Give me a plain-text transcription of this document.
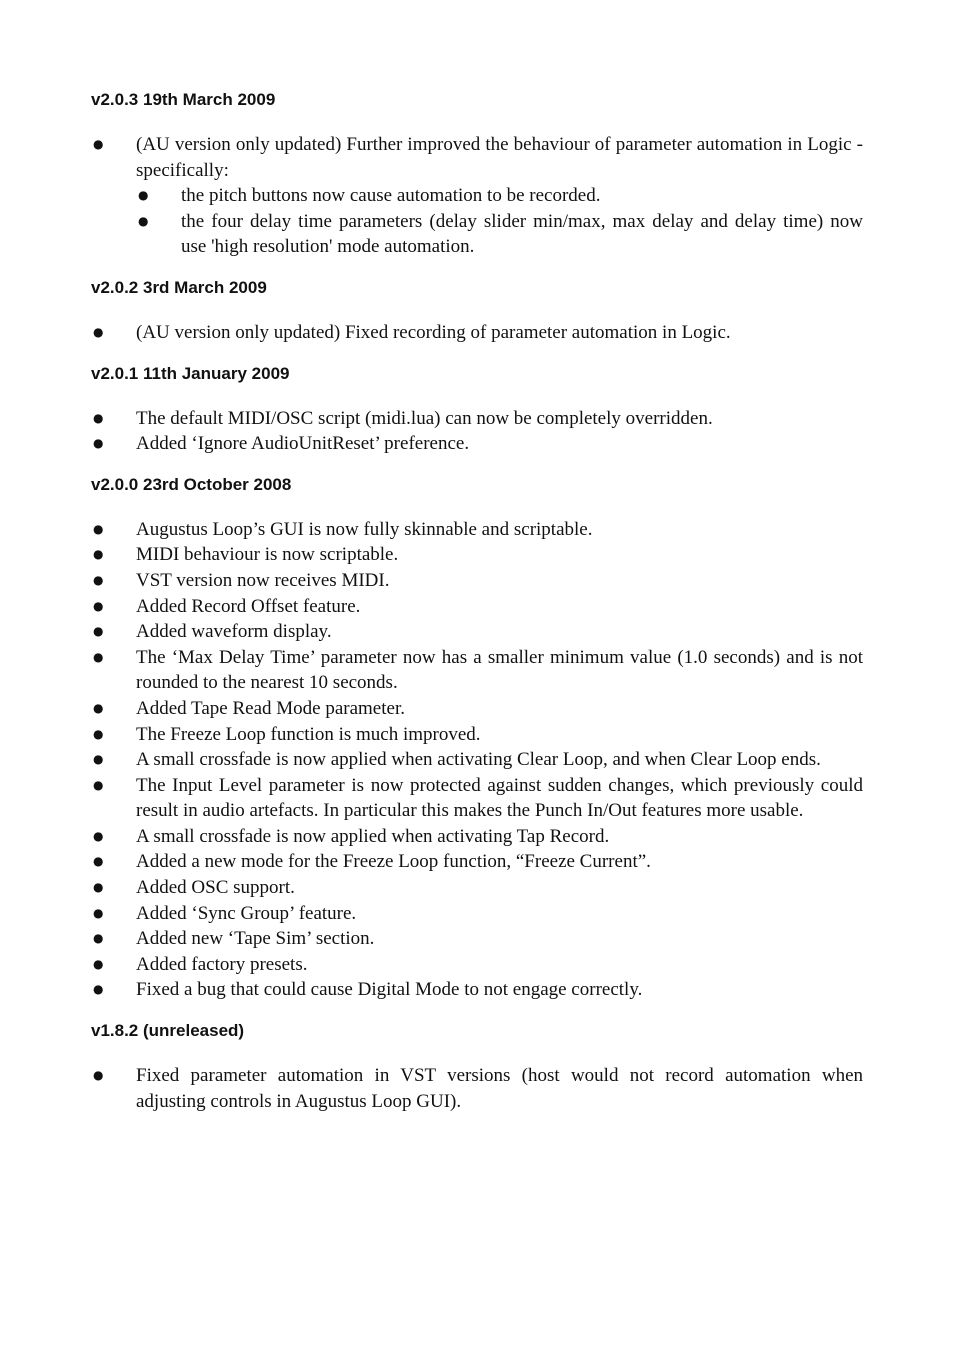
v2.0.3 19th March 2009
● (AU version only updated) Further improved the behaviour of parameter automation in Logic - specifically:
● the pitch buttons now cause automation to be recorded.
● the four delay time parameters (delay slider min/max, max delay and delay time) now use 'high resolution' mode automation.
v2.0.2 3rd March 2009
● (AU version only updated) Fixed recording of parameter automation in Logic.
v2.0.1 11th January 2009
● The default MIDI/OSC script (midi.lua) can now be completely overridden.
● Added ‘Ignore AudioUnitReset’ preference.
v2.0.0 23rd October 2008
● Augustus Loop’s GUI is now fully skinnable and scriptable.
● MIDI behaviour is now scriptable.
● VST version now receives MIDI.
● Added Record Offset feature.
● Added waveform display.
● The ‘Max Delay Time’ parameter now has a smaller minimum value (1.0 seconds) and is not rounded to the nearest 10 seconds.
● Added Tape Read Mode parameter.
● The Freeze Loop function is much improved.
● A small crossfade is now applied when activating Clear Loop, and when Clear Loop ends.
● The Input Level parameter is now protected against sudden changes, which previously could result in audio artefacts. In particular this makes the Punch In/Out features more usable.
● A small crossfade is now applied when activating Tap Record.
● Added a new mode for the Freeze Loop function, “Freeze Current”.
● Added OSC support.
● Added ‘Sync Group’ feature.
● Added new ‘Tape Sim’ section.
● Added factory presets.
● Fixed a bug that could cause Digital Mode to not engage correctly.
v1.8.2 (unreleased)
● Fixed parameter automation in VST versions (host would not record automation when adjusting controls in Augustus Loop GUI).
